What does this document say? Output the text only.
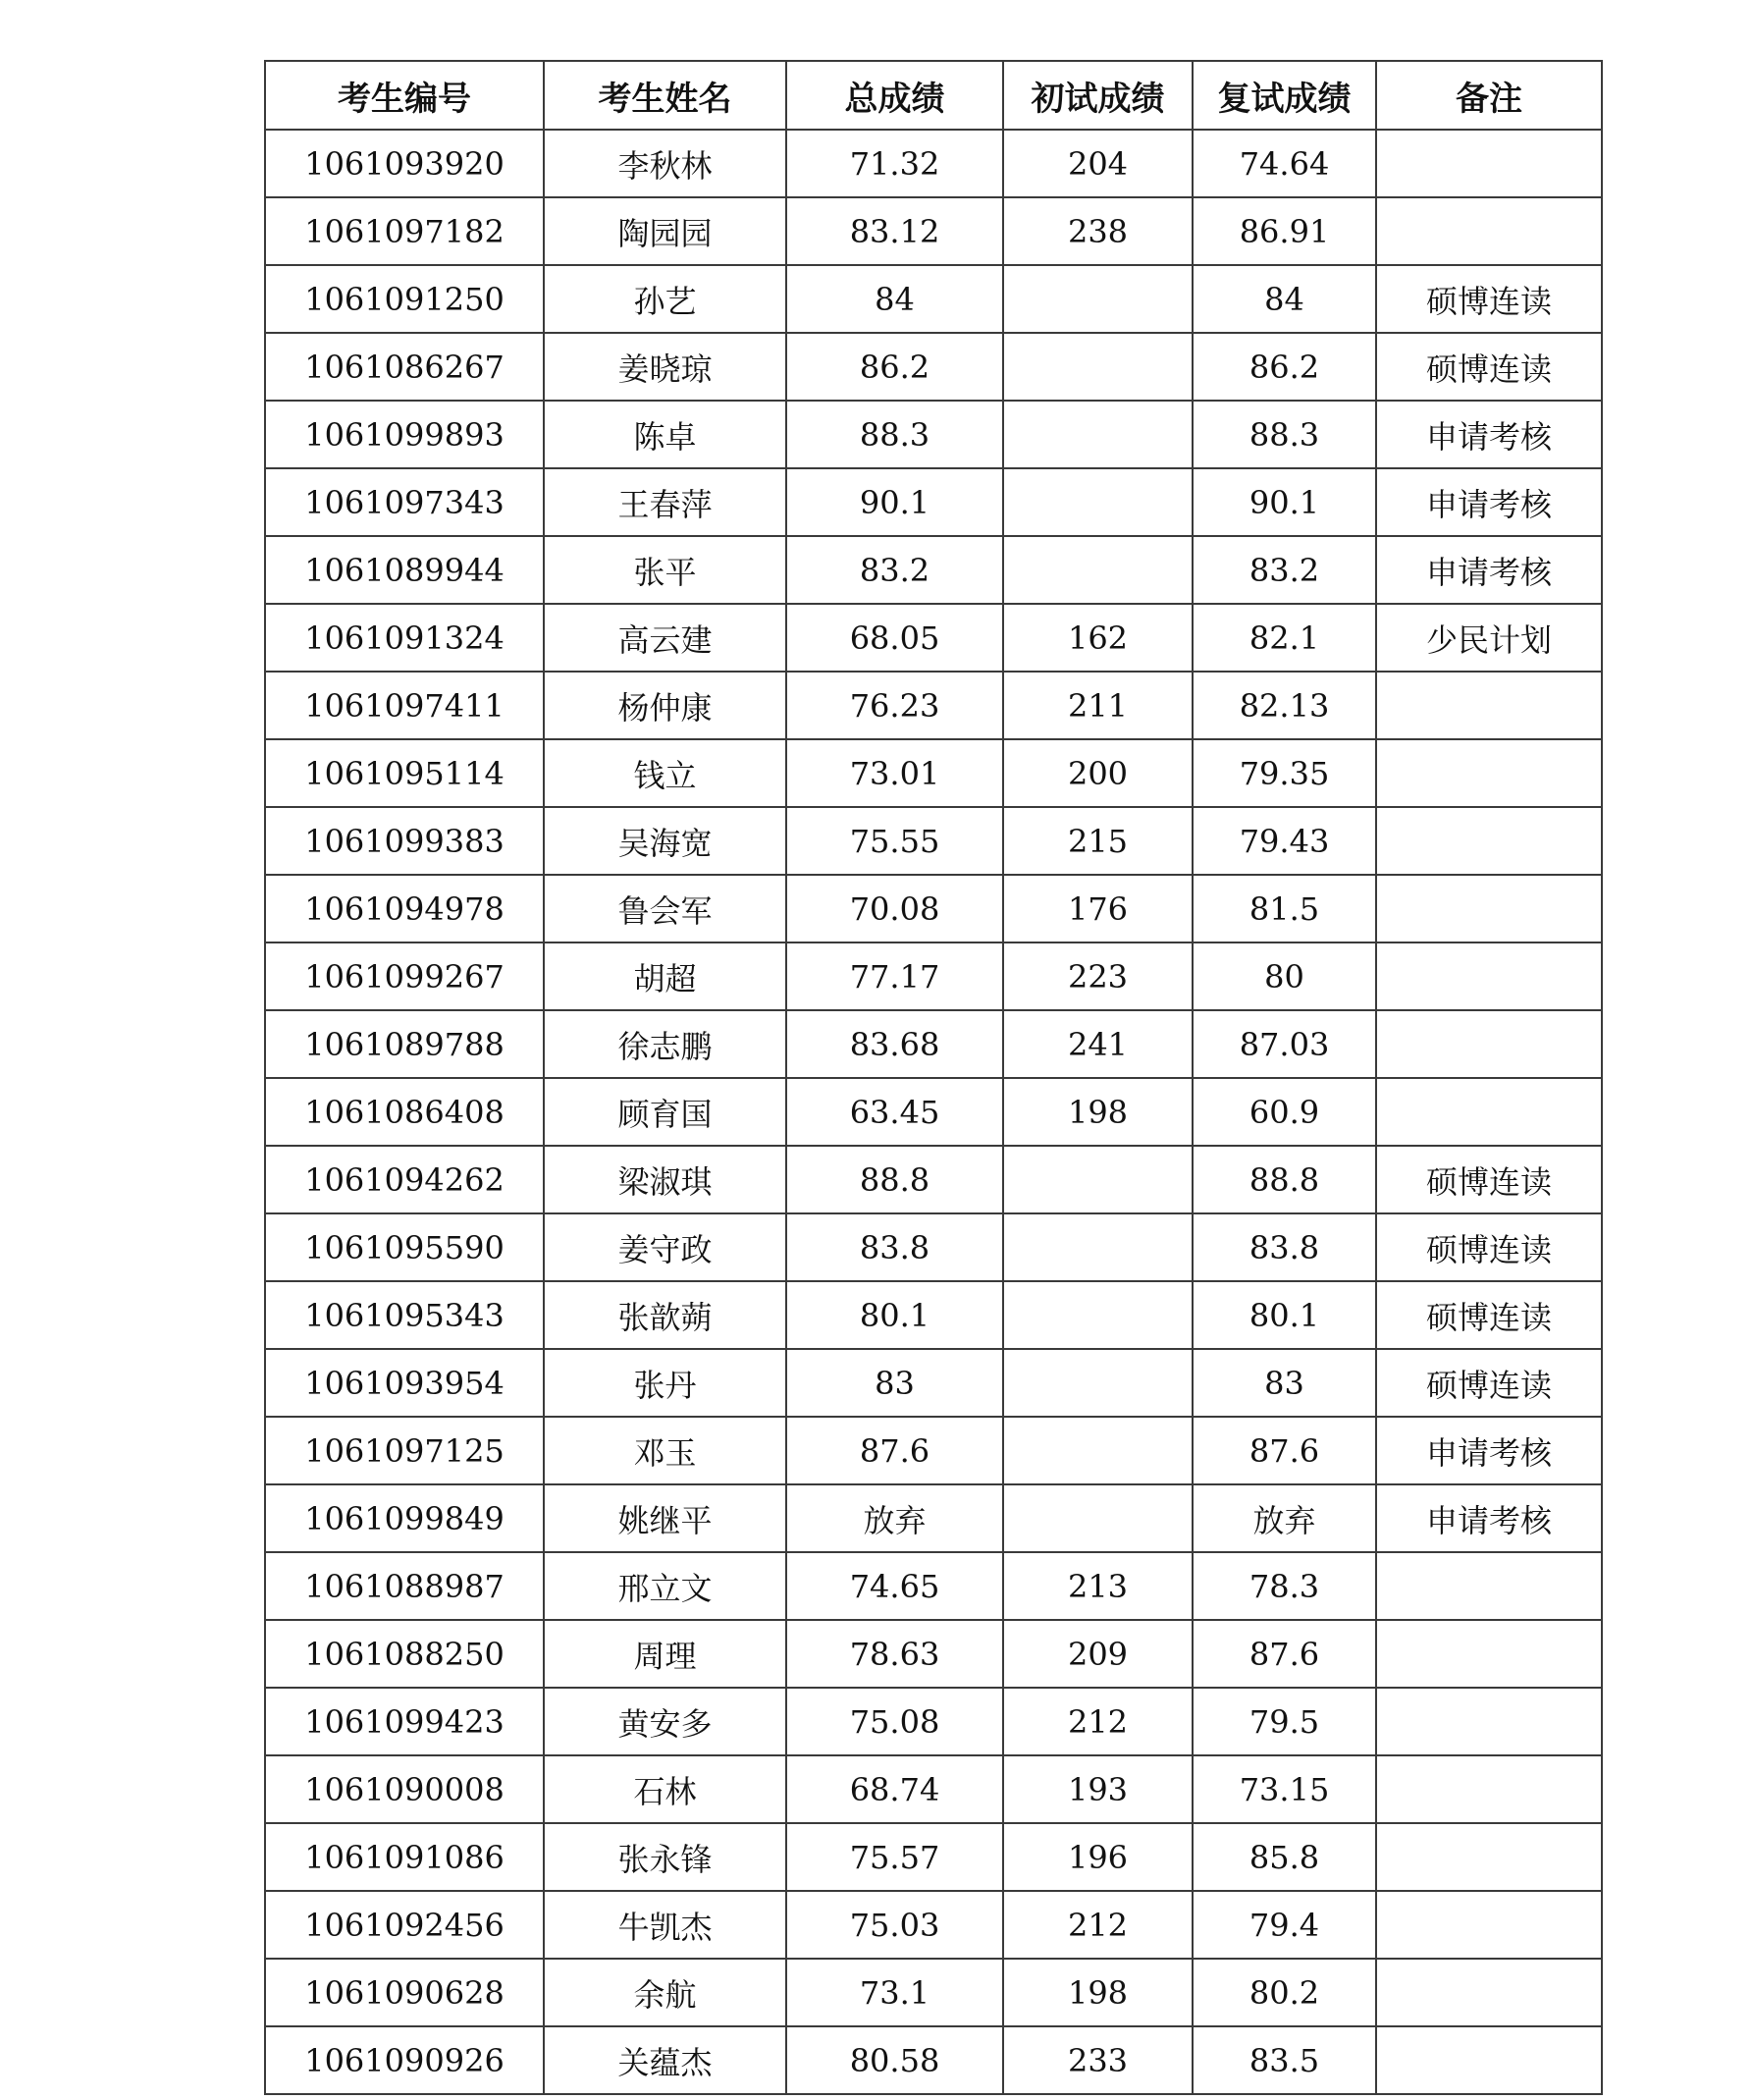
考生编号	考生姓名	总成绩	初试成绩	复试成绩	备注
1061093920	李秋林	71.32	204	74.64	
1061097182	陶园园	83.12	238	86.91	
1061091250	孙艺	84		84	硕博连读
1061086267	姜晓琼	86.2		86.2	硕博连读
1061099893	陈卓	88.3		88.3	申请考核
1061097343	王春萍	90.1		90.1	申请考核
1061089944	张平	83.2		83.2	申请考核
1061091324	高云建	68.05	162	82.1	少民计划
1061097411	杨仲康	76.23	211	82.13	
1061095114	钱立	73.01	200	79.35	
1061099383	吴海宽	75.55	215	79.43	
1061094978	鲁会军	70.08	176	81.5	
1061099267	胡超	77.17	223	80	
1061089788	徐志鹏	83.68	241	87.03	
1061086408	顾育国	63.45	198	60.9	
1061094262	梁淑琪	88.8		88.8	硕博连读
1061095590	姜守政	83.8		83.8	硕博连读
1061095343	张歆蒴	80.1		80.1	硕博连读
1061093954	张丹	83		83	硕博连读
1061097125	邓玉	87.6		87.6	申请考核
1061099849	姚继平	放弃		放弃	申请考核
1061088987	邢立文	74.65	213	78.3	
1061088250	周理	78.63	209	87.6	
1061099423	黄安多	75.08	212	79.5	
1061090008	石林	68.74	193	73.15	
1061091086	张永锋	75.57	196	85.8	
1061092456	牛凯杰	75.03	212	79.4	
1061090628	余航	73.1	198	80.2	
1061090926	关蕴杰	80.58	233	83.5	
